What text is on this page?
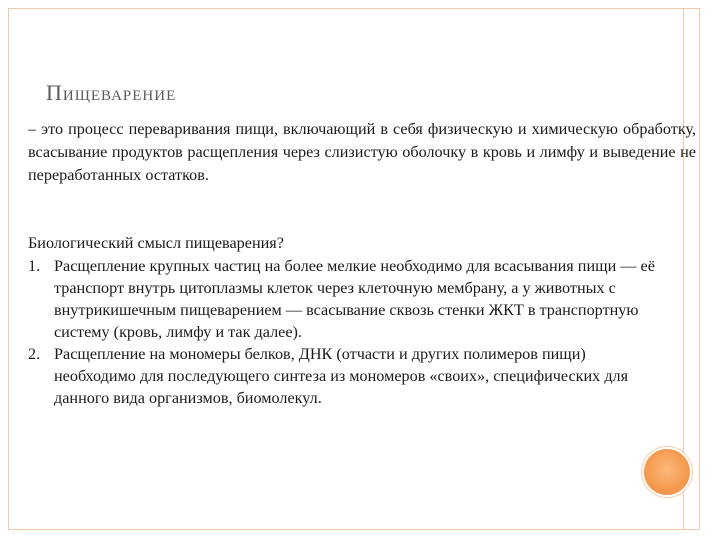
Пищеварение

– это процесс переваривания пищи, включающий в себя физическую и химическую обработку, всасывание продуктов расщепления через слизистую оболочку в кровь и лимфу и выведение не переработанных остатков.

Биологический смысл пищеварения?

1. Расщепление крупных частиц на более мелкие необходимо для всасывания пищи — её транспорт внутрь цитоплазмы клеток через клеточную мембрану, а у животных с внутрикишечным пищеварением — всасывание сквозь стенки ЖКТ в транспортную систему (кровь, лимфу и так далее).
2. Расщепление на мономеры белков, ДНК (отчасти и других полимеров пищи) необходимо для последующего синтеза из мономеров «своих», специфических для данного вида организмов, биомолекул.
